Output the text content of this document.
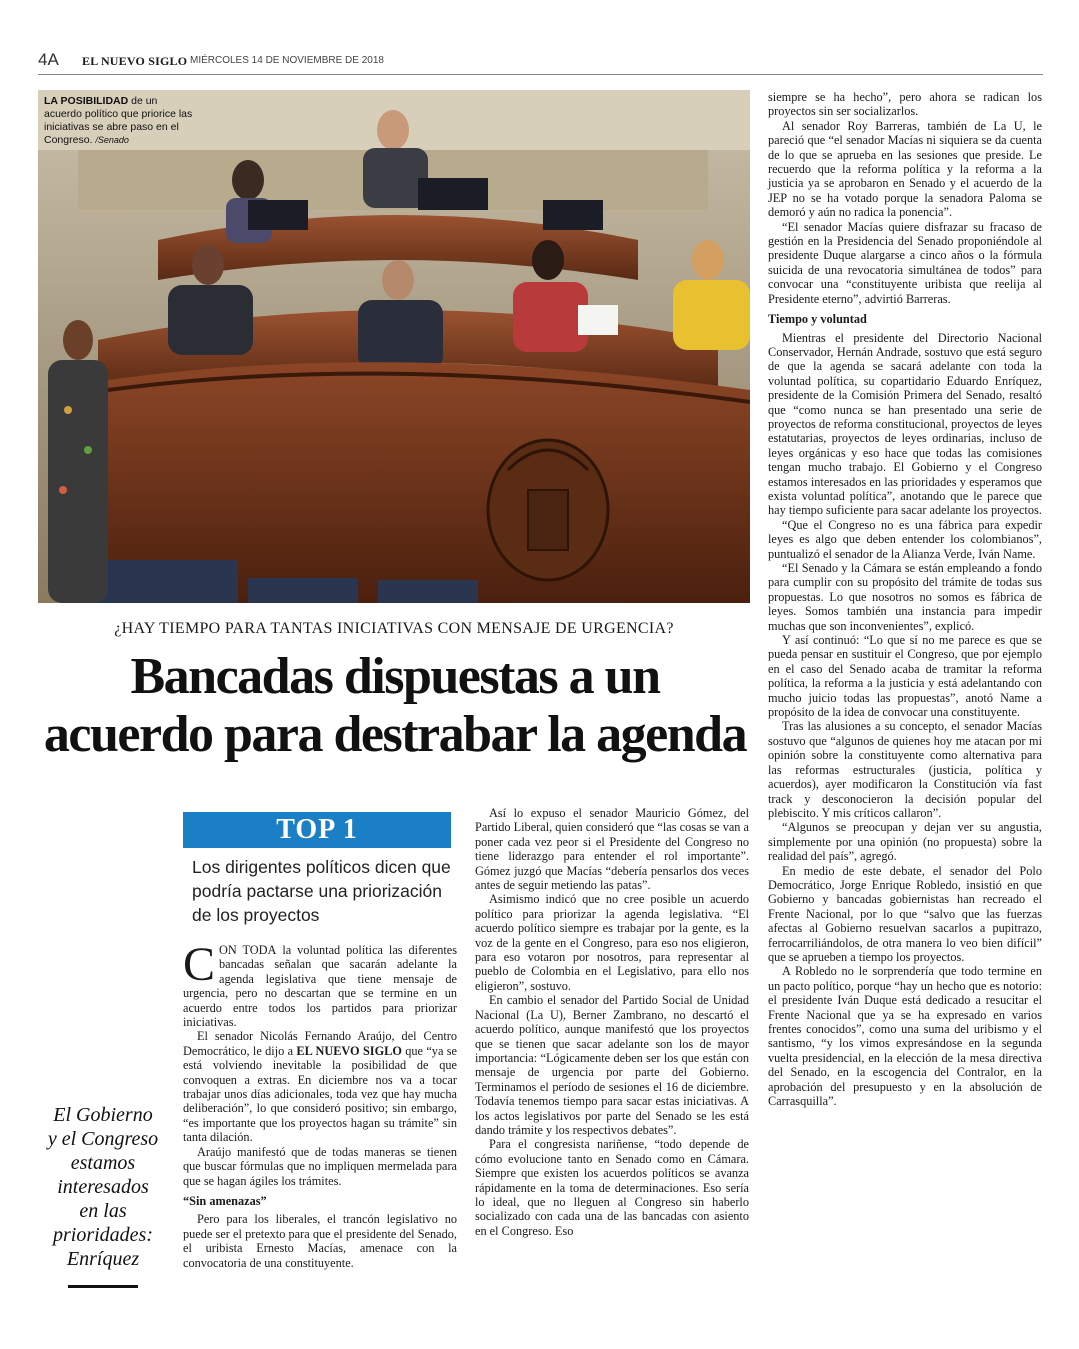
4A EL NUEVO SIGLO MIÉRCOLES 14 DE NOVIEMBRE DE 2018
LA POSIBILIDAD de un acuerdo político que priorice las iniciativas se abre paso en el Congreso. /Senado
¿HAY TIEMPO PARA TANTAS INICIATIVAS CON MENSAJE DE URGENCIA?
Bancadas dispuestas a un
acuerdo para destrabar la agenda
TOP 1
Los dirigentes políticos dicen que podría pactarse una priorización de los proyectos
El Gobierno
y el Congreso
estamos
interesados
en las
prioridades:
Enríquez

CON TODA la voluntad política las diferentes bancadas señalan que sacarán adelante la agenda legislativa que tiene mensaje de urgencia, pero no descartan que se termine en un acuerdo entre todos los partidos para priorizar iniciativas.

El senador Nicolás Fernando Araújo, del Centro Democrático, le dijo a EL NUEVO SIGLO que “ya se está volviendo inevitable la posibilidad de que convoquen a extras. En diciembre nos va a tocar trabajar unos días adicionales, toda vez que hay mucha deliberación”, lo que consideró positivo; sin embargo, “es importante que los proyectos hagan su trámite” sin tanta dilación.

Araújo manifestó que de todas maneras se tienen que buscar fórmulas que no impliquen mermelada para que se hagan ágiles los trámites.

“Sin amenazas”

Pero para los liberales, el trancón legislativo no puede ser el pretexto para que el presidente del Senado, el uribista Ernesto Macías, amenace con la convocatoria de una constituyente.

Así lo expuso el senador Mauricio Gómez, del Partido Liberal, quien consideró que “las cosas se van a poner cada vez peor si el Presidente del Congreso no tiene liderazgo para entender el rol importante”. Gómez juzgó que Macías “debería pensarlos dos veces antes de seguir metiendo las patas”.

Asimismo indicó que no cree posible un acuerdo político para priorizar la agenda legislativa. “El acuerdo político siempre es trabajar por la gente, es la voz de la gente en el Congreso, para eso nos eligieron, para eso votaron por nosotros, para representar al pueblo de Colombia en el Legislativo, para ello nos eligieron”, sostuvo.

En cambio el senador del Partido Social de Unidad Nacional (La U), Berner Zambrano, no descartó el acuerdo político, aunque manifestó que los proyectos que se tienen que sacar adelante son los de mayor importancia: “Lógicamente deben ser los que están con mensaje de urgencia por parte del Gobierno. Terminamos el período de sesiones el 16 de diciembre. Todavía tenemos tiempo para sacar estas iniciativas. A los actos legislativos por parte del Senado se les está dando trámite y los respectivos debates”.

Para el congresista nariñense, “todo depende de cómo evolucione tanto en Senado como en Cámara. Siempre que existen los acuerdos políticos se avanza rápidamente en la toma de determinaciones. Eso sería lo ideal, que no lleguen al Congreso sin haberlo socializado con cada una de las bancadas con asiento en el Congreso. Eso

siempre se ha hecho”, pero ahora se radican los proyectos sin ser socializarlos.

Al senador Roy Barreras, también de La U, le pareció que “el senador Macías ni siquiera se da cuenta de lo que se aprueba en las sesiones que preside. Le recuerdo que la reforma política y la reforma a la justicia ya se aprobaron en Senado y el acuerdo de la JEP no se ha votado porque la senadora Paloma se demoró y aún no radica la ponencia”.

“El senador Macías quiere disfrazar su fracaso de gestión en la Presidencia del Senado proponiéndole al presidente Duque alargarse a cinco años o la fórmula suicida de una revocatoria simultánea de todos” para convocar una “constituyente uribista que reelija al Presidente eterno”, advirtió Barreras.

Tiempo y voluntad

Mientras el presidente del Directorio Nacional Conservador, Hernán Andrade, sostuvo que está seguro de que la agenda se sacará adelante con toda la voluntad política, su copartidario Eduardo Enríquez, presidente de la Comisión Primera del Senado, resaltó que “como nunca se han presentado una serie de proyectos de reforma constitucional, proyectos de leyes estatutarias, proyectos de leyes ordinarias, incluso de leyes orgánicas y eso hace que todas las comisiones tengan mucho trabajo. El Gobierno y el Congreso estamos interesados en las prioridades y esperamos que exista voluntad política”, anotando que le parece que hay tiempo suficiente para sacar adelante los proyectos.

“Que el Congreso no es una fábrica para expedir leyes es algo que deben entender los colombianos”, puntualizó el senador de la Alianza Verde, Iván Name.

“El Senado y la Cámara se están empleando a fondo para cumplir con su propósito del trámite de todas sus propuestas. Lo que nosotros no somos es fábrica de leyes. Somos también una instancia para impedir muchas que son inconvenientes”, explicó.

Y así continuó: “Lo que sí no me parece es que se pueda pensar en sustituir el Congreso, que por ejemplo en el caso del Senado acaba de tramitar la reforma política, la reforma a la justicia y está adelantando con mucho juicio todas las propuestas”, anotó Name a propósito de la idea de convocar una constituyente.

Tras las alusiones a su concepto, el senador Macías sostuvo que “algunos de quienes hoy me atacan por mi opinión sobre la constituyente como alternativa para las reformas estructurales (justicia, política y acuerdos), ayer modificaron la Constitución vía fast track y desconocieron la decisión popular del plebiscito. Y mis críticos callaron”.

“Algunos se preocupan y dejan ver su angustia, simplemente por una opinión (no propuesta) sobre la realidad del país”, agregó.

En medio de este debate, el senador del Polo Democrático, Jorge Enrique Robledo, insistió en que Gobierno y bancadas gobiernistas han recreado el Frente Nacional, por lo que “salvo que las fuerzas afectas al Gobierno resuelvan sacarlos a pupitrazo, ferrocarriliándolos, de otra manera lo veo bien difícil” que se aprueben a tiempo los proyectos.

A Robledo no le sorprendería que todo termine en un pacto político, porque “hay un hecho que es notorio: el presidente Iván Duque está dedicado a resucitar el Frente Nacional que ya se ha expresado en varios frentes conocidos”, como una suma del uribismo y el santismo, “y los vimos expresándose en la segunda vuelta presidencial, en la elección de la mesa directiva del Senado, en la escogencia del Contralor, en la aprobación del presupuesto y en la absolución de Carrasquilla”.
